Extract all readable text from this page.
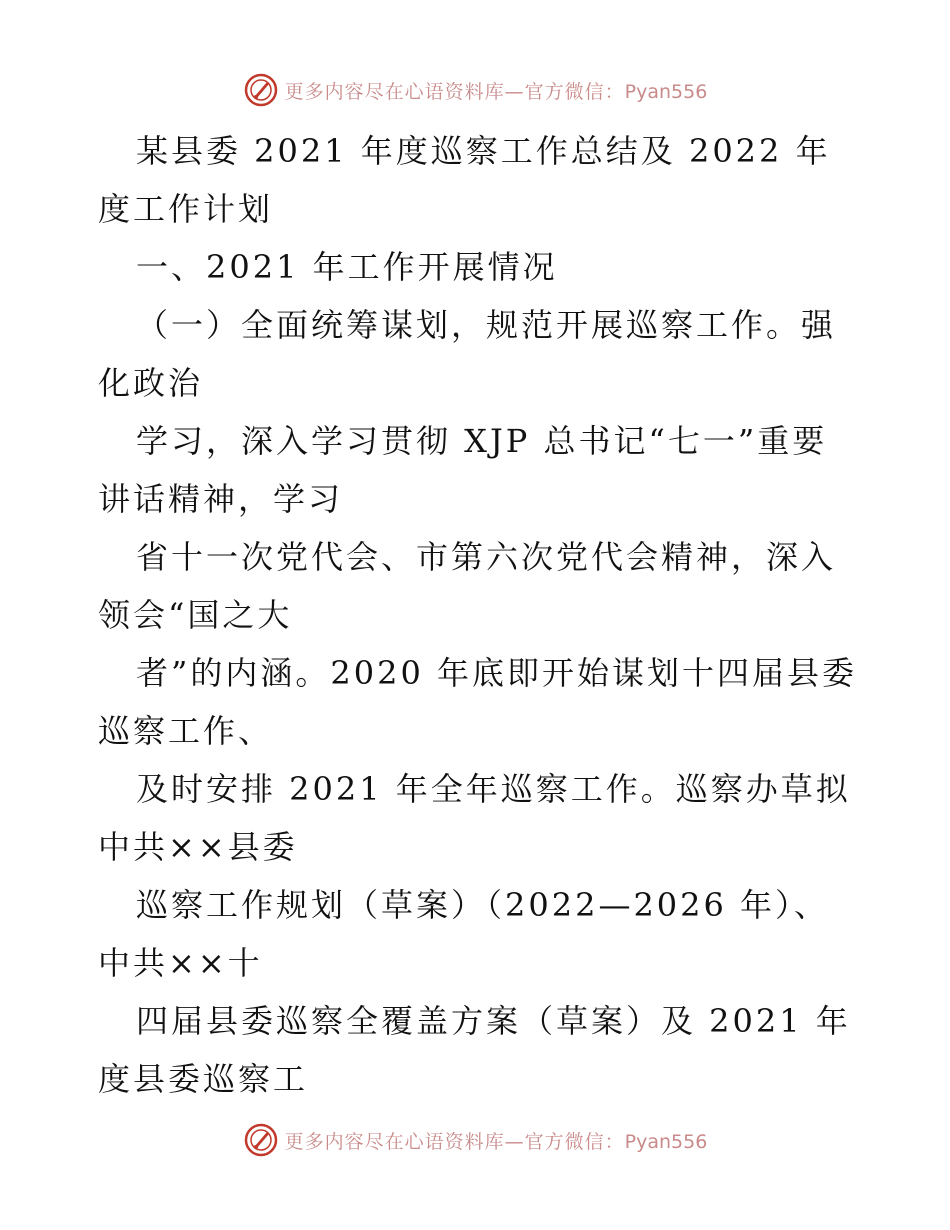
更多内容尽在心语资料库—官方微信：Pyan556

某县委 2021 年度巡察工作总结及 2022 年度工作计划

一、2021 年工作开展情况

（一）全面统筹谋划，规范开展巡察工作。强化政治

学习，深入学习贯彻 XJP 总书记“七一”重要讲话精神，学习

省十一次党代会、市第六次党代会精神，深入领会“国之大

者”的内涵。2020 年底即开始谋划十四届县委巡察工作、

及时安排 2021 年全年巡察工作。巡察办草拟中共××县委

巡察工作规划（草案）（2022—2026 年）、中共××十

四届县委巡察全覆盖方案（草案）及 2021 年度县委巡察工

更多内容尽在心语资料库—官方微信：Pyan556
